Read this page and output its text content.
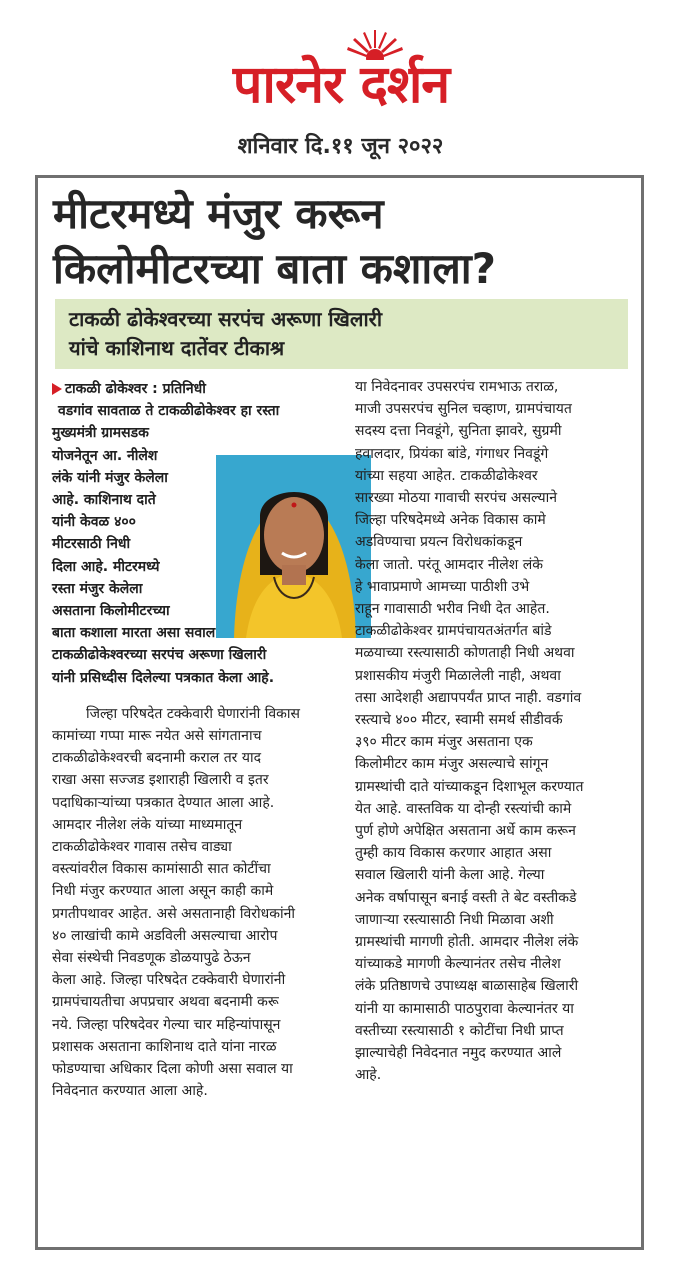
पारनेर दर्शन
शनिवार दि.११ जून २०२२
मीटरमध्ये मंजुर करून
किलोमीटरच्या बाता कशाला?
टाकळी ढोकेश्वरच्या सरपंच अरूणा खिलारी
यांचे काशिनाथ दातेंवर टीकाश्र

टाकळी ढोकेश्वर : प्रतिनिधी

वडगांव सावताळ ते टाकळीढोकेश्वर हा रस्ता

मुख्यमंत्री ग्रामसडक

योजनेतून आ. नीलेश

लंके यांनी मंजुर केलेला

आहे. काशिनाथ दाते

यांनी केवळ ४००

मीटरसाठी निधी

दिला आहे. मीटरमध्ये

रस्ता मंजुर केलेला

असताना किलोमीटरच्या

बाता कशाला मारता असा सवाल

टाकळीढोकेश्वरच्या सरपंच अरूणा खिलारी

यांनी प्रसिध्दीस दिलेल्या पत्रकात केला आहे.

जिल्हा परिषदेत टक्केवारी घेणारांनी विकास

कामांच्या गप्पा मारू नयेत असे सांगतानाच

टाकळीढोकेश्वरची बदनामी कराल तर याद

राखा असा सज्जड इशाराही खिलारी व इतर

पदाधिकाऱ्यांच्या पत्रकात देण्यात आला आहे.

आमदार नीलेश लंके यांच्या माध्यमातून

टाकळीढोकेश्वर गावास तसेच वाड्या

वस्त्यांवरील विकास कामांसाठी सात कोटींचा

निधी मंजुर करण्यात आला असून काही कामे

प्रगतीपथावर आहेत. असे असतानाही विरोधकांनी

४० लाखांची कामे अडविली असल्याचा आरोप

सेवा संस्थेची निवडणूक डोळयापुढे ठेऊन

केला आहे. जिल्हा परिषदेत टक्केवारी घेणारांनी

ग्रामपंचायतीचा अपप्रचार अथवा बदनामी करू

नये. जिल्हा परिषदेवर गेल्या चार महिन्यांपासून

प्रशासक असताना काशिनाथ दाते यांना नारळ

फोडण्याचा अधिकार दिला कोणी असा सवाल या

निवेदनात करण्यात आला आहे.

या निवेदनावर उपसरपंच रामभाऊ तराळ,

माजी उपसरपंच सुनिल चव्हाण, ग्रामपंचायत

सदस्य दत्ता निवडूंगे, सुनिता झावरे, सुग्रमी

हवालदार, प्रियंका बांडे, गंगाधर निवडूंगे

यांच्या सहया आहेत. टाकळीढोकेश्वर

सारख्या मोठया गावाची सरपंच असल्याने

जिल्हा परिषदेमध्ये अनेक विकास कामे

अडविण्याचा प्रयत्न विरोधकांकडून

केला जातो. परंतू आमदार नीलेश लंके

हे भावाप्रमाणे आमच्या पाठीशी उभे

राहून गावासाठी भरीव निधी देत आहेत.

टाकळीढोकेश्वर ग्रामपंचायतअंतर्गत बांडे

मळयाच्या रस्त्यासाठी कोणताही निधी अथवा

प्रशासकीय मंजुरी मिळालेली नाही, अथवा

तसा आदेशही अद्यापपर्यंत प्राप्त नाही. वडगांव

रस्त्याचे ४०० मीटर, स्वामी समर्थ सीडीवर्क

३९० मीटर काम मंजुर असताना एक

किलोमीटर काम मंजुर असल्याचे सांगून

ग्रामस्थांची दाते यांच्याकडून दिशाभूल करण्यात

येत आहे. वास्तविक या दोन्ही रस्त्यांची कामे

पुर्ण होणे अपेक्षित असताना अर्धे काम करून

तुम्ही काय विकास करणार आहात असा

सवाल खिलारी यांनी केला आहे. गेल्या

अनेक वर्षापासून बनाई वस्ती ते बेट वस्तीकडे

जाणाऱ्या रस्त्यासाठी निधी मिळावा अशी

ग्रामस्थांची मागणी होती. आमदार नीलेश लंके

यांच्याकडे मागणी केल्यानंतर तसेच नीलेश

लंके प्रतिष्ठाणचे उपाध्यक्ष बाळासाहेब खिलारी

यांनी या कामासाठी पाठपुरावा केल्यानंतर या

वस्तीच्या रस्त्यासाठी १ कोटींचा निधी प्राप्त

झाल्याचेही निवेदनात नमुद करण्यात आले

आहे.
